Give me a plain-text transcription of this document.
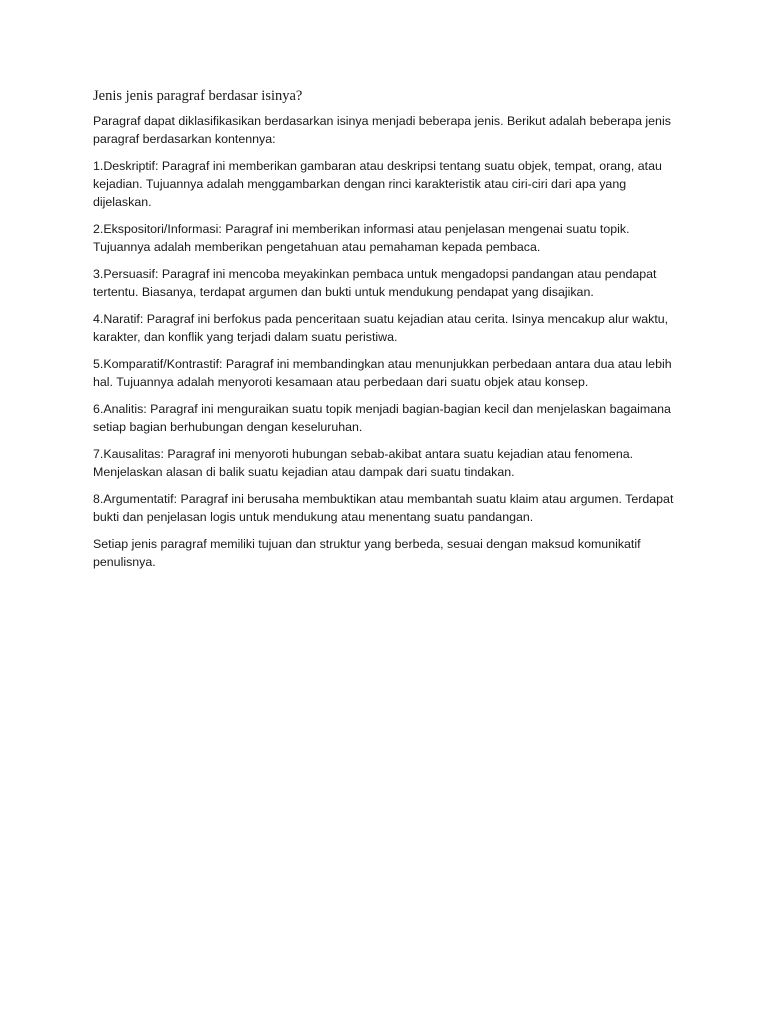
Jenis jenis paragraf berdasar isinya?

Paragraf dapat diklasifikasikan berdasarkan isinya menjadi beberapa jenis. Berikut adalah beberapa jenis paragraf berdasarkan kontennya:

1.Deskriptif: Paragraf ini memberikan gambaran atau deskripsi tentang suatu objek, tempat, orang, atau kejadian. Tujuannya adalah menggambarkan dengan rinci karakteristik atau ciri-ciri dari apa yang dijelaskan.

2.Ekspositori/Informasi: Paragraf ini memberikan informasi atau penjelasan mengenai suatu topik. Tujuannya adalah memberikan pengetahuan atau pemahaman kepada pembaca.

3.Persuasif: Paragraf ini mencoba meyakinkan pembaca untuk mengadopsi pandangan atau pendapat tertentu. Biasanya, terdapat argumen dan bukti untuk mendukung pendapat yang disajikan.

4.Naratif: Paragraf ini berfokus pada penceritaan suatu kejadian atau cerita. Isinya mencakup alur waktu, karakter, dan konflik yang terjadi dalam suatu peristiwa.

5.Komparatif/Kontrastif: Paragraf ini membandingkan atau menunjukkan perbedaan antara dua atau lebih hal. Tujuannya adalah menyoroti kesamaan atau perbedaan dari suatu objek atau konsep.

6.Analitis: Paragraf ini menguraikan suatu topik menjadi bagian-bagian kecil dan menjelaskan bagaimana setiap bagian berhubungan dengan keseluruhan.

7.Kausalitas: Paragraf ini menyoroti hubungan sebab-akibat antara suatu kejadian atau fenomena. Menjelaskan alasan di balik suatu kejadian atau dampak dari suatu tindakan.

8.Argumentatif: Paragraf ini berusaha membuktikan atau membantah suatu klaim atau argumen. Terdapat bukti dan penjelasan logis untuk mendukung atau menentang suatu pandangan.

Setiap jenis paragraf memiliki tujuan dan struktur yang berbeda, sesuai dengan maksud komunikatif penulisnya.
